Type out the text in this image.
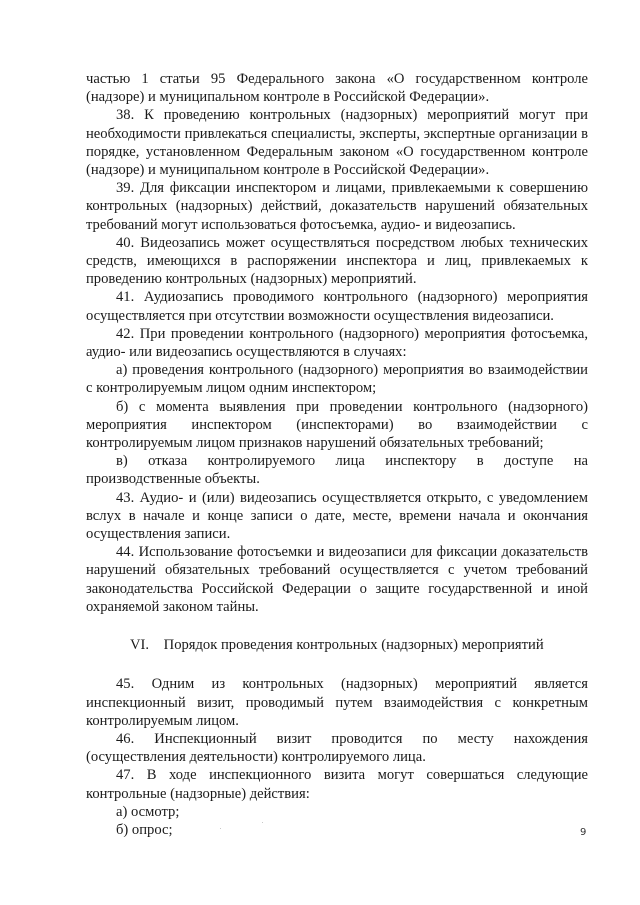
частью 1 статьи 95 Федерального закона «О государственном контроле (надзоре) и муниципальном контроле в Российской Федерации».

38. К проведению контрольных (надзорных) мероприятий могут при необходимости привлекаться специалисты, эксперты, экспертные организации в порядке, установленном Федеральным законом «О государственном контроле (надзоре) и муниципальном контроле в Российской Федерации».

39. Для фиксации инспектором и лицами, привлекаемыми к совершению контрольных (надзорных) действий, доказательств нарушений обязательных требований могут использоваться фотосъемка, аудио- и видеозапись.

40. Видеозапись может осуществляться посредством любых технических средств, имеющихся в распоряжении инспектора и лиц, привлекаемых к проведению контрольных (надзорных) мероприятий.

41. Аудиозапись проводимого контрольного (надзорного) мероприятия осуществляется при отсутствии возможности осуществления видеозаписи.

42. При проведении контрольного (надзорного) мероприятия фотосъемка, аудио- или видеозапись осуществляются в случаях:

а) проведения контрольного (надзорного) мероприятия во взаимодействии с контролируемым лицом одним инспектором;

б) с момента выявления при проведении контрольного (надзорного) мероприятия инспектором (инспекторами) во взаимодействии с контролируемым лицом признаков нарушений обязательных требований;

в) отказа контролируемого лица инспектору в доступе на производственные объекты.

43. Аудио- и (или) видеозапись осуществляется открыто, с уведомлением вслух в начале и конце записи о дате, месте, времени начала и окончания осуществления записи.

44. Использование фотосъемки и видеозаписи для фиксации доказательств нарушений обязательных требований осуществляется с учетом требований законодательства Российской Федерации о защите государственной и иной охраняемой законом тайны.

VI. Порядок проведения контрольных (надзорных) мероприятий

45. Одним из контрольных (надзорных) мероприятий является инспекционный визит, проводимый путем взаимодействия с конкретным контролируемым лицом.

46. Инспекционный визит проводится по месту нахождения (осуществления деятельности) контролируемого лица.

47. В ходе инспекционного визита могут совершаться следующие контрольные (надзорные) действия:

а) осмотр;

б) опрос;	9
